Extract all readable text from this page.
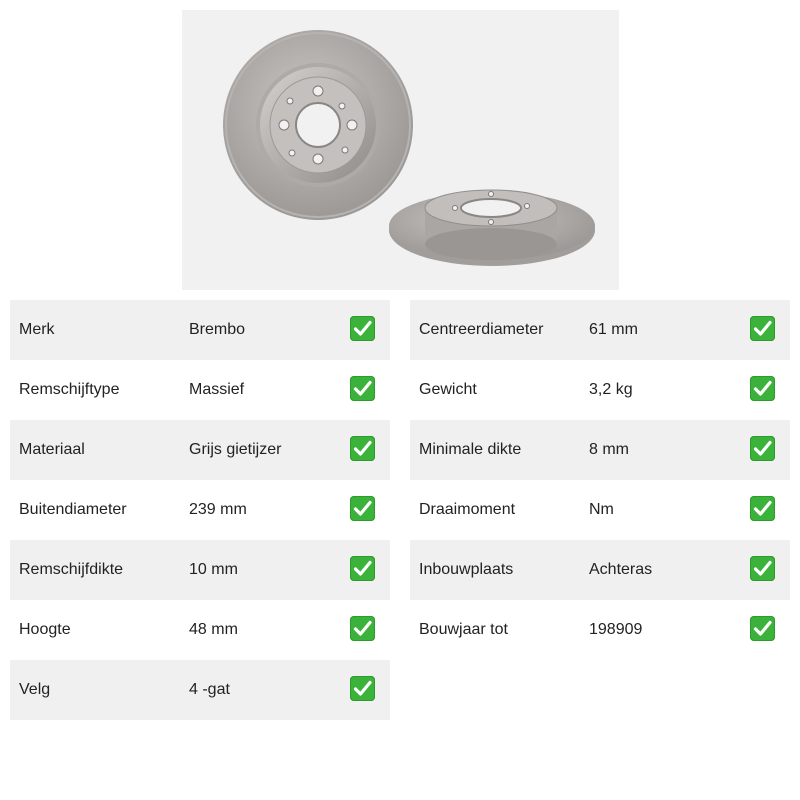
Merk	Brembo
Remschijftype	Massief
Materiaal	Grijs gietijzer
Buitendiameter	239 mm
Remschijfdikte	10 mm
Hoogte	48 mm
Velg	4 -gat
Centreerdiameter	61 mm
Gewicht	3,2 kg
Minimale dikte	8 mm
Draaimoment	Nm
Inbouwplaats	Achteras
Bouwjaar tot	198909
